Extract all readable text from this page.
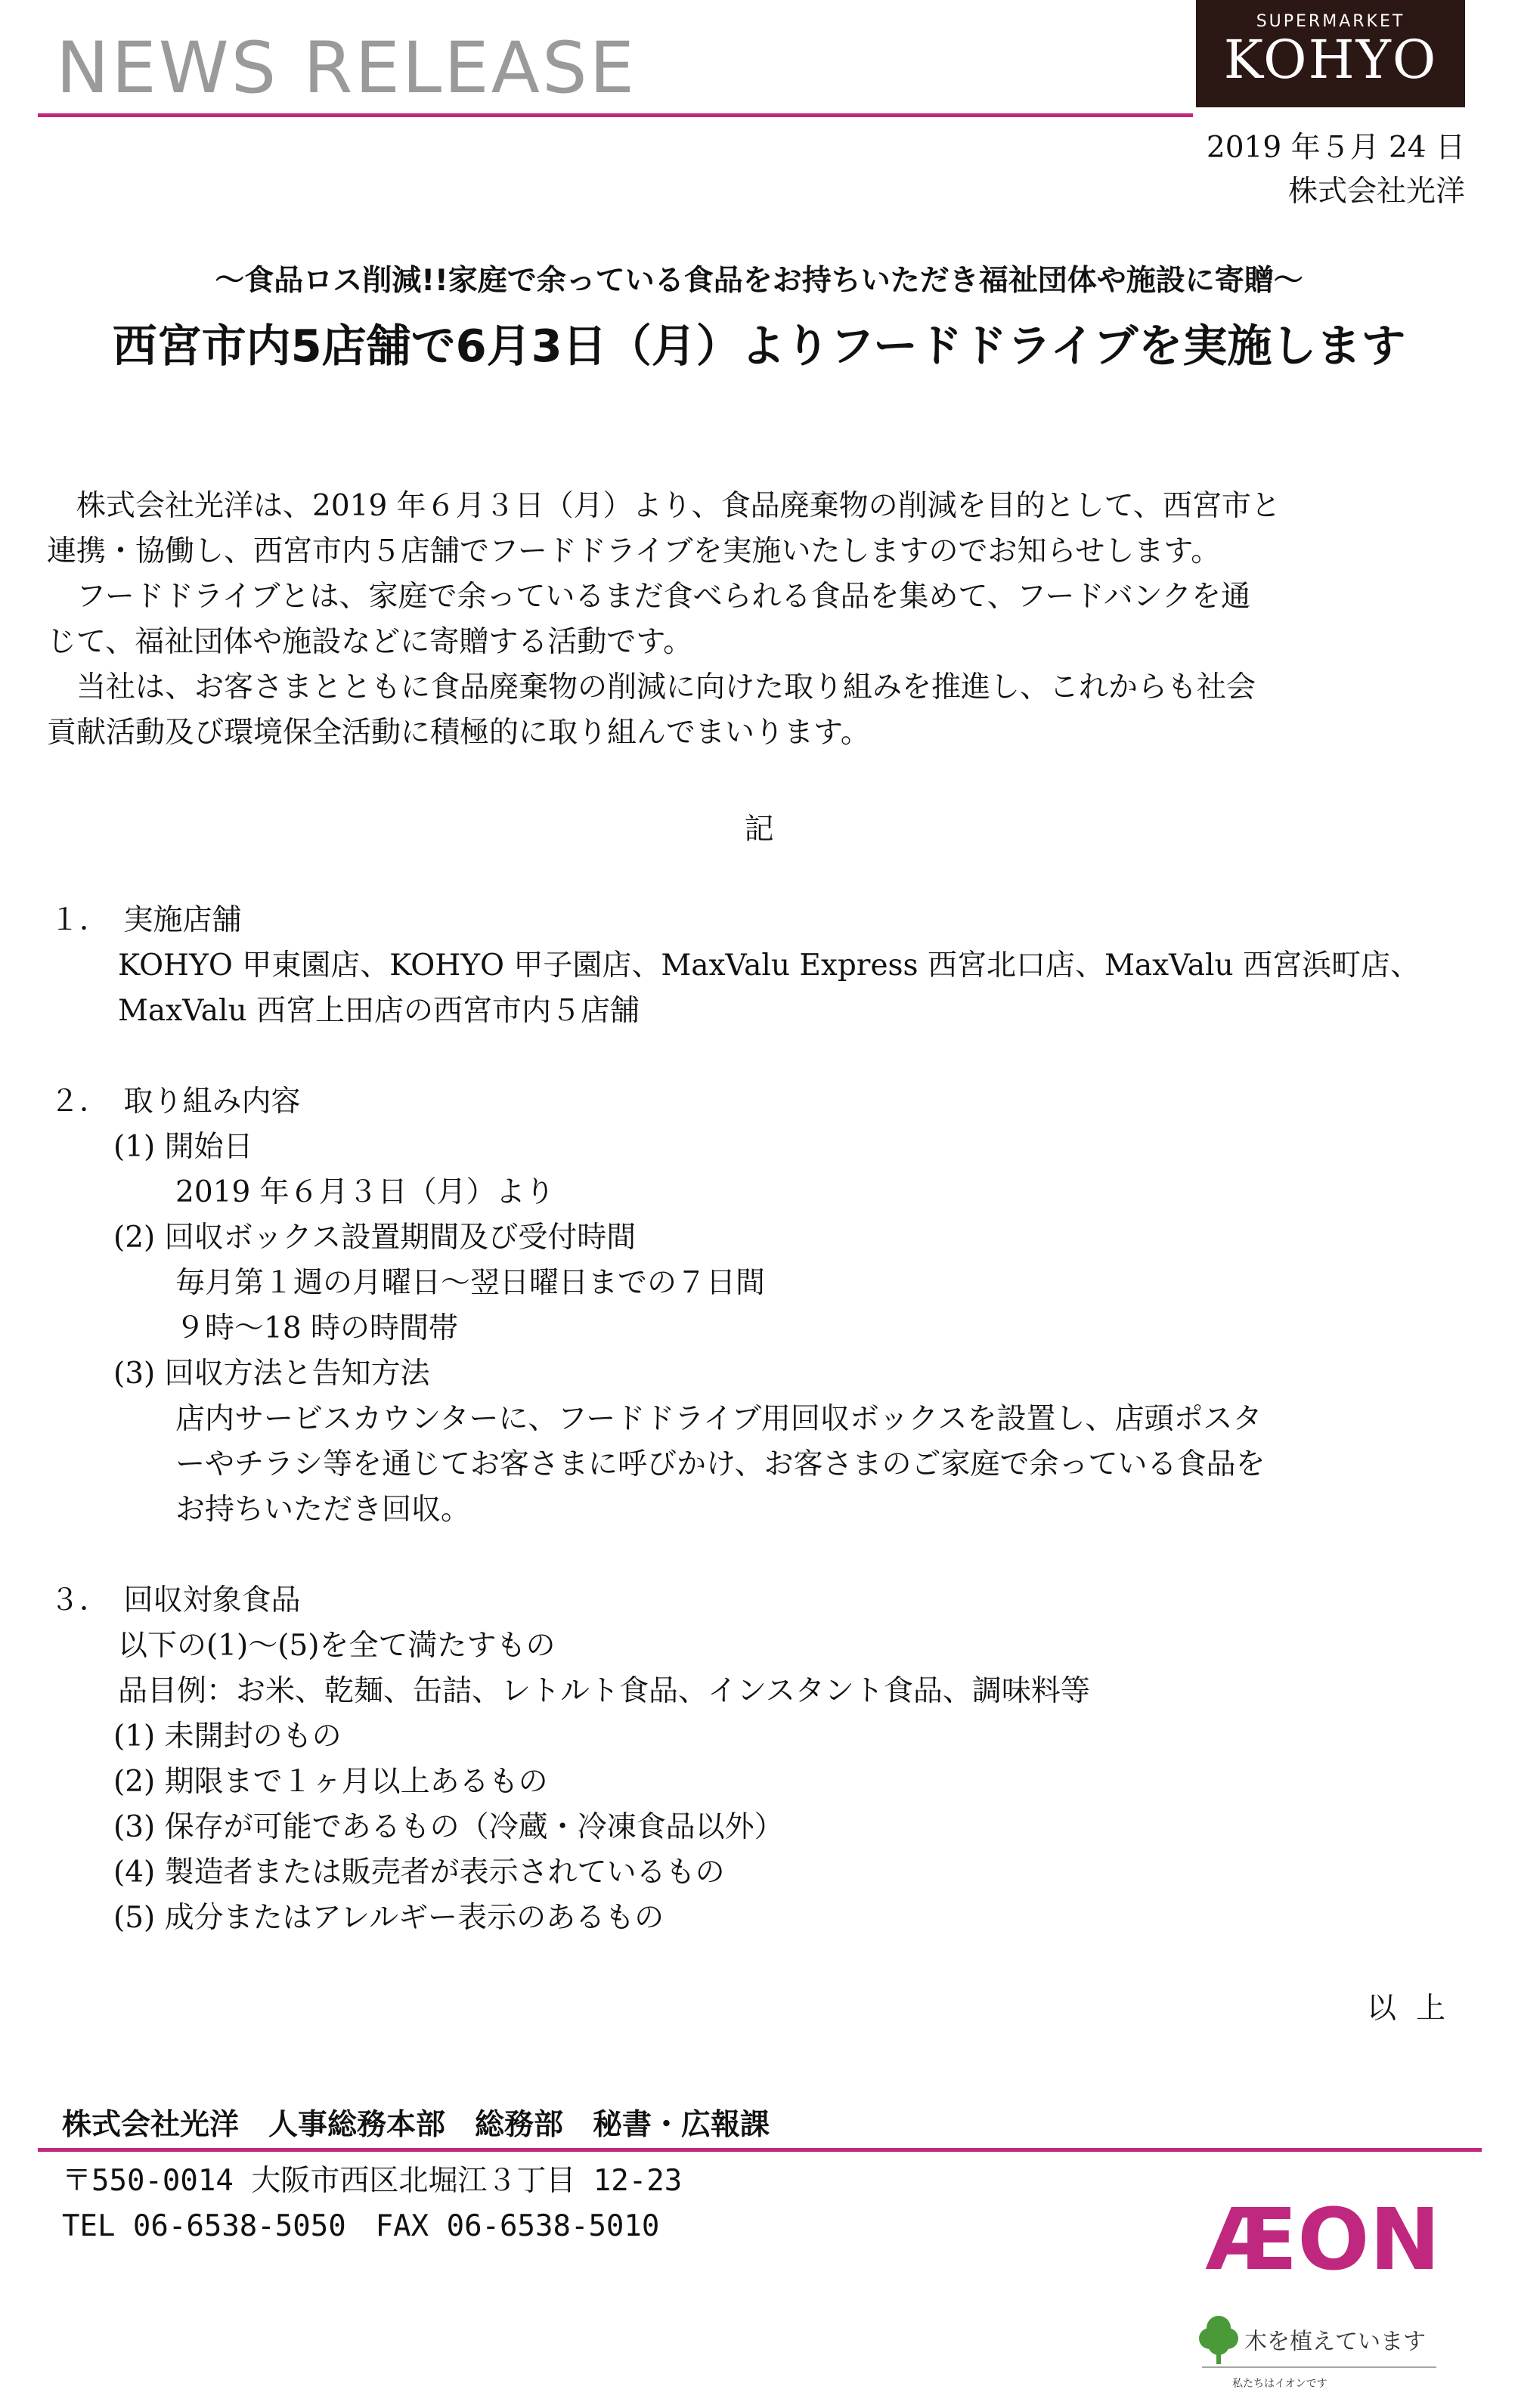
NEWS RELEASE
SUPERMARKET
KOHYO
2019 年５月 24 日
株式会社光洋
〜食品ロス削減!!家庭で余っている食品をお持ちいただき福祉団体や施設に寄贈〜
西宮市内5店舗で6月3日（月）よりフードドライブを実施します
株式会社光洋は、2019 年６月３日（月）より、食品廃棄物の削減を目的として、西宮市と
連携・協働し、西宮市内５店舗でフードドライブを実施いたしますのでお知らせします。
フードドライブとは、家庭で余っているまだ食べられる食品を集めて、フードバンクを通
じて、福祉団体や施設などに寄贈する活動です。
当社は、お客さまとともに食品廃棄物の削減に向けた取り組みを推進し、これからも社会
貢献活動及び環境保全活動に積極的に取り組んでまいります。
記
１．　実施店舗
KOHYO 甲東園店、KOHYO 甲子園店、MaxValu Express 西宮北口店、MaxValu 西宮浜町店、
MaxValu 西宮上田店の西宮市内５店舗
２．　取り組み内容
(1) 開始日
2019 年６月３日（月）より
(2) 回収ボックス設置期間及び受付時間
毎月第１週の月曜日〜翌日曜日までの７日間
９時〜18 時の時間帯
(3) 回収方法と告知方法
店内サービスカウンターに、フードドライブ用回収ボックスを設置し、店頭ポスタ
ーやチラシ等を通じてお客さまに呼びかけ、お客さまのご家庭で余っている食品を
お持ちいただき回収。
３．　回収対象食品
以下の(1)〜(5)を全て満たすもの
品目例：お米、乾麺、缶詰、レトルト食品、インスタント食品、調味料等
(1) 未開封のもの
(2) 期限まで１ヶ月以上あるもの
(3) 保存が可能であるもの（冷蔵・冷凍食品以外）
(4) 製造者または販売者が表示されているもの
(5) 成分またはアレルギー表示のあるもの
以上
株式会社光洋　人事総務本部　総務部　秘書・広報課
〒550-0014 大阪市西区北堀江３丁目 12-23
TEL 06-6538-5050　FAX 06-6538-5010	ÆON
木を植えています
私たちはイオンです
